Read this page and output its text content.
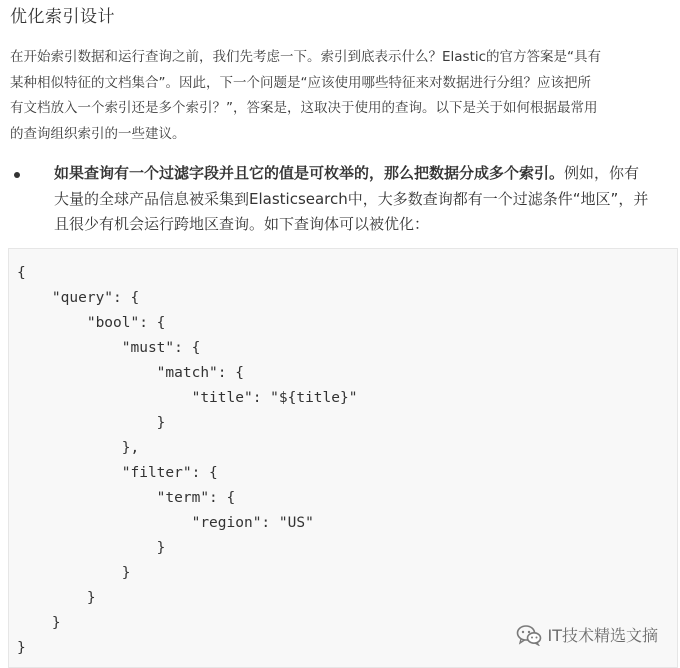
优化索引设计
在开始索引数据和运行查询之前，我们先考虑一下。索引到底表示什么？Elastic的官方答案是“具有
某种相似特征的文档集合”。因此，下一个问题是“应该使用哪些特征来对数据进行分组？应该把所
有文档放入一个索引还是多个索引？”，答案是，这取决于使用的查询。以下是关于如何根据最常用
的查询组织索引的一些建议。
如果查询有一个过滤字段并且它的值是可枚举的，那么把数据分成多个索引。例如，你有
大量的全球产品信息被采集到Elasticsearch中，大多数查询都有一个过滤条件“地区”，并
且很少有机会运行跨地区查询。如下查询体可以被优化：
{
"query": {
"bool": {
"must": {
"match": {
"title": "${title}"
}
},
"filter": {
"term": {
"region": "US"
}
}
}
}
}
IT技术精选文摘
